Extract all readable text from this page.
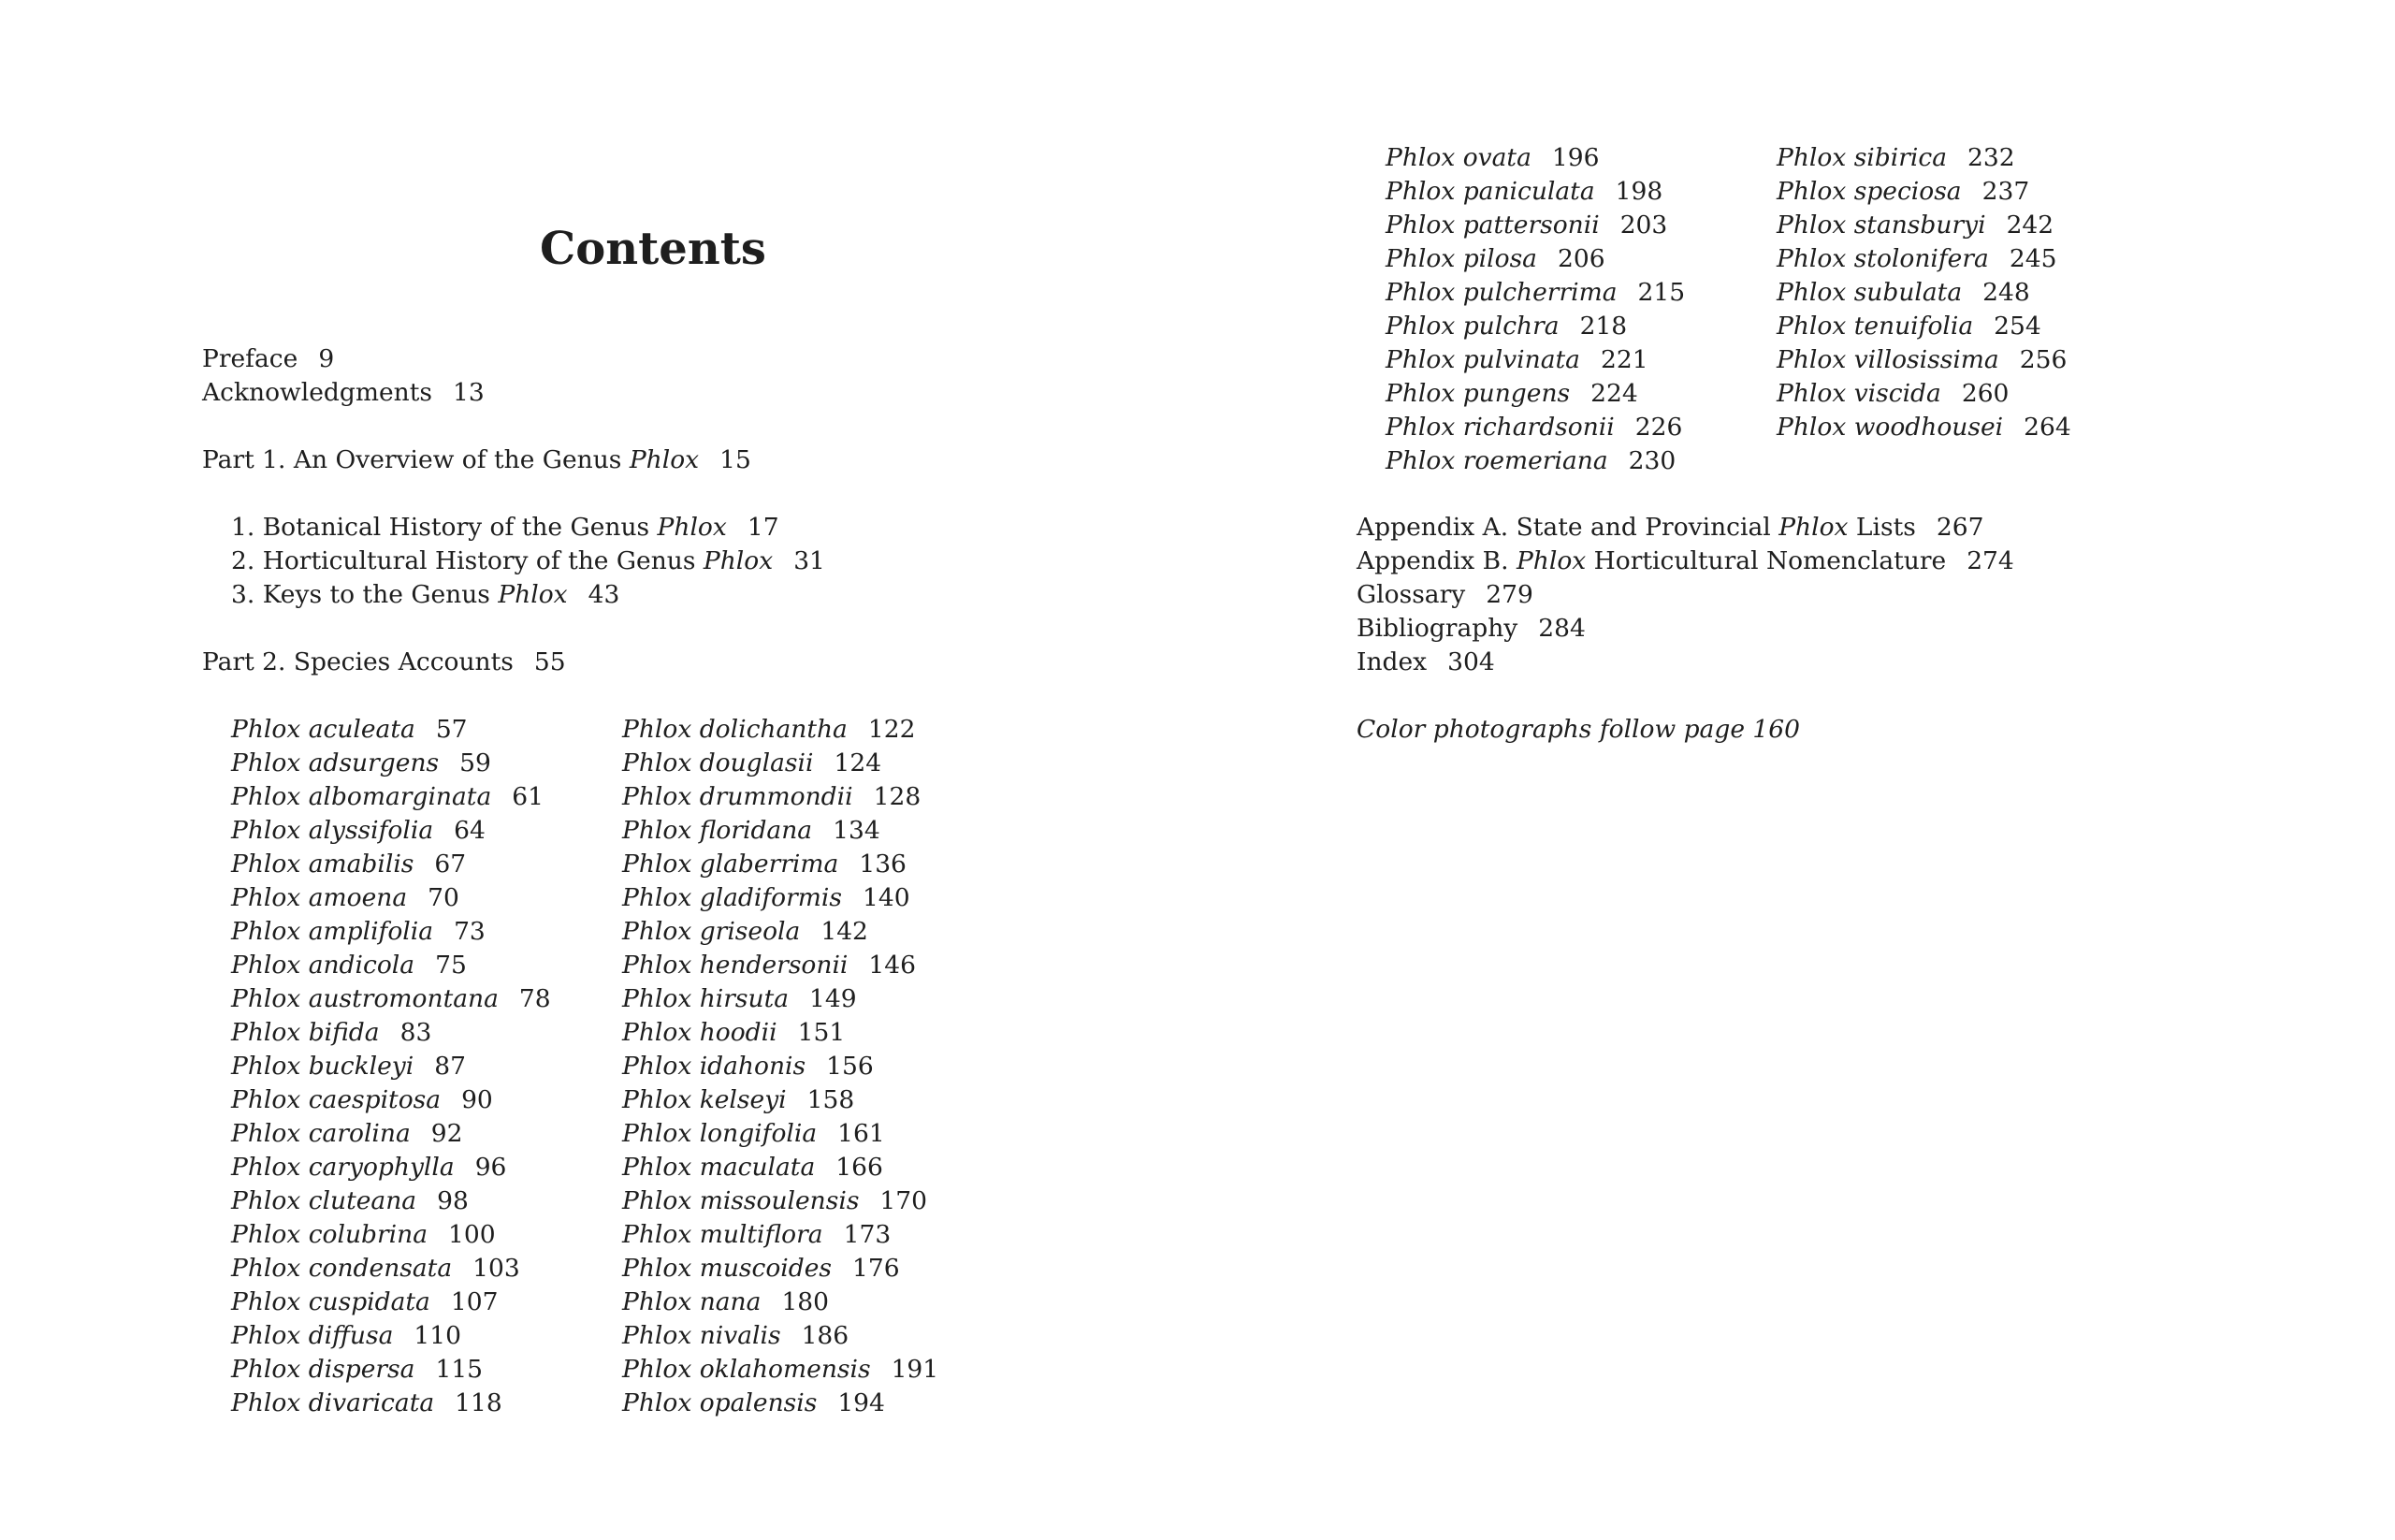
Contents
Preface 9
Acknowledgments 13
Part 1. An Overview of the Genus Phlox 15
1. Botanical History of the Genus Phlox 17
2. Horticultural History of the Genus Phlox 31
3. Keys to the Genus Phlox 43
Part 2. Species Accounts 55
Phlox aculeata 57
Phlox adsurgens 59
Phlox albomarginata 61
Phlox alyssifolia 64
Phlox amabilis 67
Phlox amoena 70
Phlox amplifolia 73
Phlox andicola 75
Phlox austromontana 78
Phlox bifida 83
Phlox buckleyi 87
Phlox caespitosa 90
Phlox carolina 92
Phlox caryophylla 96
Phlox cluteana 98
Phlox colubrina 100
Phlox condensata 103
Phlox cuspidata 107
Phlox diffusa 110
Phlox dispersa 115
Phlox divaricata 118
Phlox dolichantha 122
Phlox douglasii 124
Phlox drummondii 128
Phlox floridana 134
Phlox glaberrima 136
Phlox gladiformis 140
Phlox griseola 142
Phlox hendersonii 146
Phlox hirsuta 149
Phlox hoodii 151
Phlox idahonis 156
Phlox kelseyi 158
Phlox longifolia 161
Phlox maculata 166
Phlox missoulensis 170
Phlox multiflora 173
Phlox muscoides 176
Phlox nana 180
Phlox nivalis 186
Phlox oklahomensis 191
Phlox opalensis 194
Phlox ovata 196
Phlox paniculata 198
Phlox pattersonii 203
Phlox pilosa 206
Phlox pulcherrima 215
Phlox pulchra 218
Phlox pulvinata 221
Phlox pungens 224
Phlox richardsonii 226
Phlox roemeriana 230
Phlox sibirica 232
Phlox speciosa 237
Phlox stansburyi 242
Phlox stolonifera 245
Phlox subulata 248
Phlox tenuifolia 254
Phlox villosissima 256
Phlox viscida 260
Phlox woodhousei 264
Appendix A. State and Provincial Phlox Lists 267
Appendix B. Phlox Horticultural Nomenclature 274
Glossary 279
Bibliography 284
Index 304
Color photographs follow page 160
